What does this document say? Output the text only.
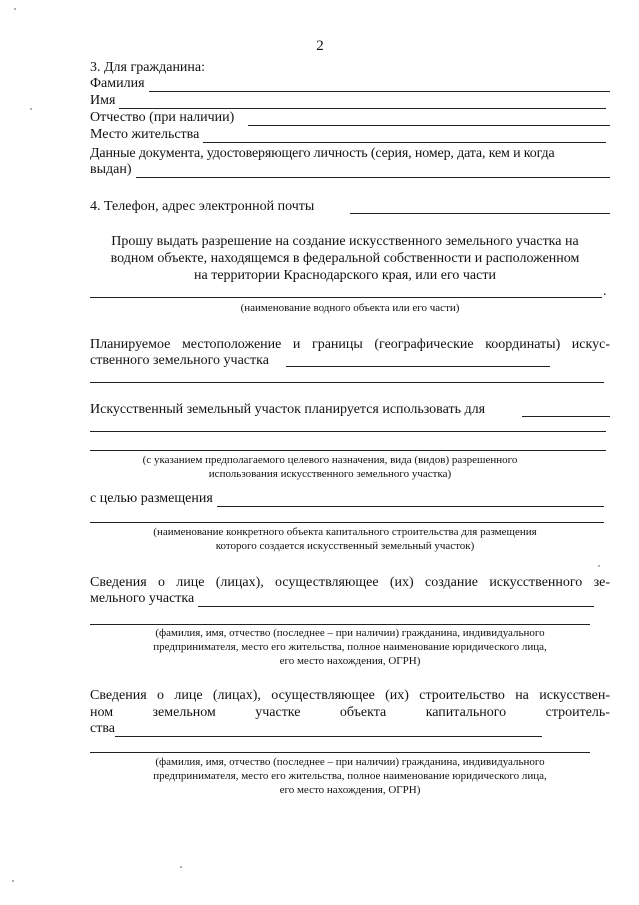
2
3. Для гражданина:
Фамилия
Имя
Отчество (при наличии)
Место жительства
Данные документа, удостоверяющего личность (серия, номер, дата, кем и когда
выдан)
4. Телефон, адрес электронной почты
Прошу выдать разрешение на создание искусственного земельного участка на
водном объекте, находящемся в федеральной собственности и расположенном
на территории Краснодарского края, или его части
.
(наименование водного объекта или его части)
Планируемое местоположение и границы (географические координаты) искус-
ственного земельного участка
Искусственный земельный участок планируется использовать для
(с указанием предполагаемого целевого назначения, вида (видов) разрешенного
использования искусственного земельного участка)
с целью размещения
(наименование конкретного объекта капитального строительства для размещения
которого создается искусственный земельный участок)
Сведения о лице (лицах), осуществляющее (их) создание искусственного зе-
мельного участка
(фамилия, имя, отчество (последнее – при наличии) гражданина, индивидуального
предпринимателя, место его жительства, полное наименование юридического лица,
его место нахождения, ОГРН)
Сведения о лице (лицах), осуществляющее (их) строительство на искусствен-
ном	земельном	участке	объекта	капитального	строитель-
ства
(фамилия, имя, отчество (последнее – при наличии) гражданина, индивидуального
предпринимателя, место его жительства, полное наименование юридического лица,
его место нахождения, ОГРН)
